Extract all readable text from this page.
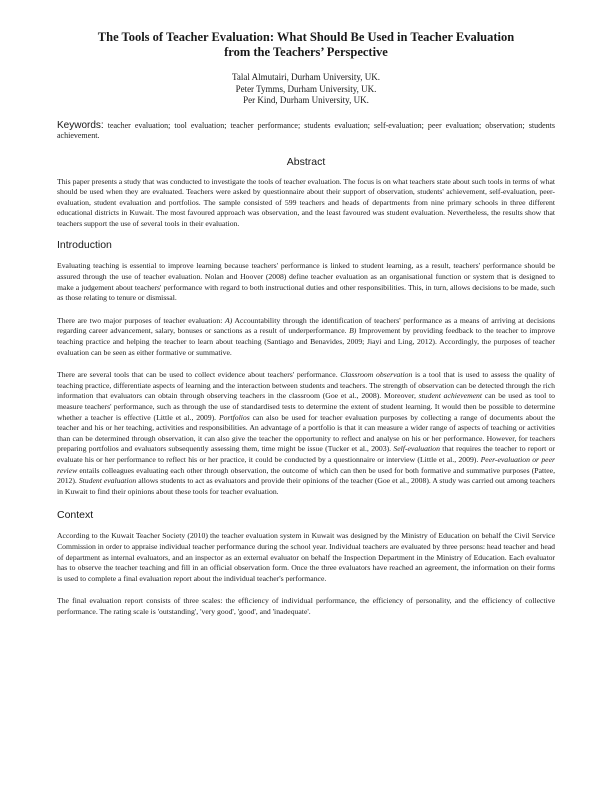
The Tools of Teacher Evaluation: What Should Be Used in Teacher Evaluation
from the Teachers’ Perspective
Talal Almutairi, Durham University, UK.
Peter Tymms, Durham University, UK.
Per Kind, Durham University, UK.
Keywords: teacher evaluation; tool evaluation; teacher performance; students evaluation; self-evaluation; peer evaluation; observation; students achievement.
Abstract

This paper presents a study that was conducted to investigate the tools of teacher evaluation. The focus is on what teachers state about such tools in terms of what should be used when they are evaluated. Teachers were asked by questionnaire about their support of observation, students' achievement, self-evaluation, peer-evaluation, student evaluation and portfolios. The sample consisted of 599 teachers and heads of departments from nine primary schools in three different educational districts in Kuwait. The most favoured approach was observation, and the least favoured was student evaluation. Nevertheless, the results show that teachers support the use of several tools in their evaluation.

Introduction

Evaluating teaching is essential to improve learning because teachers' performance is linked to student learning, as a result, teachers' performance should be assured through the use of teacher evaluation. Nolan and Hoover (2008) define teacher evaluation as an organisational function or system that is designed to make a judgement about teachers' performance with regard to both instructional duties and other responsibilities. This, in turn, allows decisions to be made, such as those relating to tenure or dismissal.

There are two major purposes of teacher evaluation: A) Accountability through the identification of teachers' performance as a means of arriving at decisions regarding career advancement, salary, bonuses or sanctions as a result of underperformance. B) Improvement by providing feedback to the teacher to improve teaching practice and helping the teacher to learn about teaching (Santiago and Benavides, 2009; Jiayi and Ling, 2012). Accordingly, the purposes of teacher evaluation can be seen as either formative or summative.

There are several tools that can be used to collect evidence about teachers' performance. Classroom observation is a tool that is used to assess the quality of teaching practice, differentiate aspects of learning and the interaction between students and teachers. The strength of observation can be detected through the rich information that evaluators can obtain through observing teachers in the classroom (Goe et al., 2008). Moreover, student achievement can be used as tool to measure teachers' performance, such as through the use of standardised tests to determine the extent of student learning. It would then be possible to determine whether a teacher is effective (Little et al., 2009). Portfolios can also be used for teacher evaluation purposes by collecting a range of documents about the teacher and his or her teaching, activities and responsibilities. An advantage of a portfolio is that it can measure a wider range of aspects of teaching or activities than can be determined through observation, it can also give the teacher the opportunity to reflect and analyse on his or her performance. However, for teachers preparing portfolios and evaluators subsequently assessing them, time might be issue (Tucker et al., 2003). Self-evaluation that requires the teacher to report or evaluate his or her performance to reflect his or her practice, it could be conducted by a questionnaire or interview (Little et al., 2009). Peer-evaluation or peer review entails colleagues evaluating each other through observation, the outcome of which can then be used for both formative and summative purposes (Pattee, 2012). Student evaluation allows students to act as evaluators and provide their opinions of the teacher (Goe et al., 2008). A study was carried out among teachers in Kuwait to find their opinions about these tools for teacher evaluation.

Context

According to the Kuwait Teacher Society (2010) the teacher evaluation system in Kuwait was designed by the Ministry of Education on behalf the Civil Service Commission in order to appraise individual teacher performance during the school year. Individual teachers are evaluated by three persons: head teacher and head of department as internal evaluators, and an inspector as an external evaluator on behalf the Inspection Department in the Ministry of Education. Each evaluator has to observe the teacher teaching and fill in an official observation form. Once the three evaluators have reached an agreement, the information on their forms is used to complete a final evaluation report about the individual teacher's performance.

The final evaluation report consists of three scales: the efficiency of individual performance, the efficiency of personality, and the efficiency of collective performance. The rating scale is 'outstanding', 'very good', 'good', and 'inadequate'.
